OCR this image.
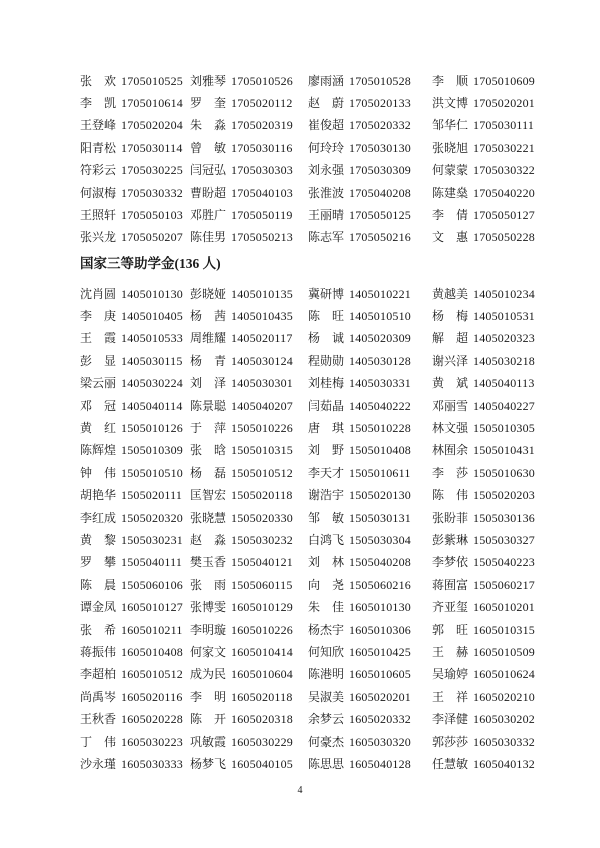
张　欢 1705010525 刘雅琴 1705010526	廖雨涵 1705010528	李　顺 1705010609
李　凯 1705010614 罗　奎 1705020112	赵　蔚 1705020133	洪文博 1705020201
王登峰 1705020204 朱　淼 1705020319	崔俊超 1705020332	邹华仁 1705030111
阳青松 1705030114 曾　敏 1705030116	何玲玲 1705030130	张晓旭 1705030221
符彩云 1705030225 闫冠弘 1705030303	刘永强 1705030309	何蒙蒙 1705030322
何淑梅 1705030332 曹盼超 1705040103	张淮波 1705040208	陈建燊 1705040220
王照轩 1705050103 邓胜广 1705050119	王丽晴 1705050125	李　倩 1705050127
张兴龙 1705050207 陈佳男 1705050213	陈志军 1705050216	文　惠 1705050228
国家三等助学金(136 人)
沈肖圆 1405010130 彭晓娅 1405010135	冀研博 1405010221	黄越美 1405010234
李　庚 1405010405 杨　茜 1405010435	陈　旺 1405010510	杨　梅 1405010531
王　霞 1405010533 周维耀 1405020117	杨　诚 1405020309	解　超 1405020323
彭　显 1405030115 杨　青 1405030124	程勋勋 1405030128	谢兴泽 1405030218
梁云丽 1405030224 刘　泽 1405030301	刘桂梅 1405030331	黄　斌 1405040113
邓　冠 1405040114 陈景聪 1405040207	闫茹晶 1405040222	邓丽雪 1405040227
黄　红 1505010126 于　萍 1505010226	唐　琪 1505010228	林文强 1505010305
陈辉煌 1505010309 张　晗 1505010315	刘　野 1505010408	林囿余 1505010431
钟　伟 1505010510 杨　磊 1505010512	李天才 1505010611	李　莎 1505010630
胡艳华 1505020111 匡智宏 1505020118	谢浩宇 1505020130	陈　伟 1505020203
李红成 1505020320 张晓慧 1505020330	邹　敏 1505030131	张盼菲 1505030136
黄　黎 1505030231 赵　淼 1505030232	白鸿飞 1505030304	彭紫琳 1505030327
罗　攀 1505040111 樊玉香 1505040121	刘　林 1505040208	李梦依 1505040223
陈　晨 1505060106 张　雨 1505060115	向　尧 1505060216	蒋囿富 1505060217
谭金凤 1605010127 张博雯 1605010129	朱　佳 1605010130	齐亚玺 1605010201
张　希 1605010211 李明璇 1605010226	杨杰宇 1605010306	郭　旺 1605010315
蒋振伟 1605010408 何家文 1605010414	何知欣 1605010425	王　赫 1605010509
李超柏 1605010512 成为民 1605010604	陈港明 1605010605	吴瑜婷 1605010624
尚禹岑 1605020116 李　明 1605020118	吴淑美 1605020201	王　祥 1605020210
王秋香 1605020228 陈　开 1605020318	余梦云 1605020332	李泽健 1605030202
丁　伟 1605030223 巩敏霞 1605030229	何豪杰 1605030320	郭莎莎 1605030332
沙永瑾 1605030333 杨梦飞 1605040105	陈思思 1605040128	任慧敏 1605040132
4
